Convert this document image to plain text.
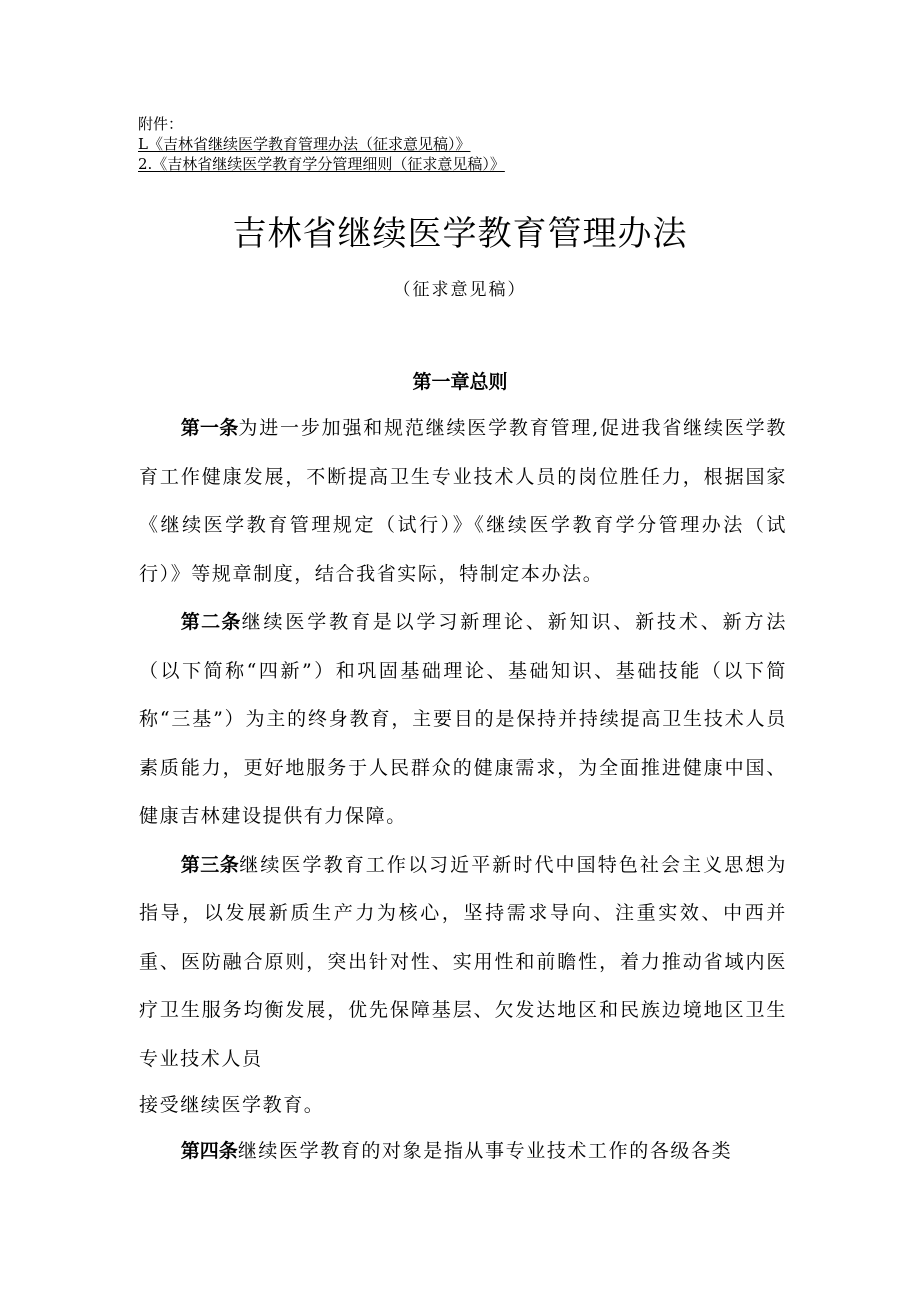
附件：
L《吉林省继续医学教育管理办法（征求意见稿）》
2.《吉林省继续医学教育学分管理细则（征求意见稿）》
吉林省继续医学教育管理办法
（征求意见稿）
第一章总则

第一条为进一步加强和规范继续医学教育管理,促进我省继续医学教育工作健康发展，不断提高卫生专业技术人员的岗位胜任力，根据国家《继续医学教育管理规定（试行）》《继续医学教育学分管理办法（试行）》等规章制度，结合我省实际，特制定本办法。

第二条继续医学教育是以学习新理论、新知识、新技术、新方法（以下简称“四新”）和巩固基础理论、基础知识、基础技能（以下简称“三基”）为主的终身教育，主要目的是保持并持续提高卫生技术人员素质能力，更好地服务于人民群众的健康需求，为全面推进健康中国、健康吉林建设提供有力保障。

第三条继续医学教育工作以习近平新时代中国特色社会主义思想为指导，以发展新质生产力为核心，坚持需求导向、注重实效、中西并重、医防融合原则，突出针对性、实用性和前瞻性，着力推动省域内医疗卫生服务均衡发展，优先保障基层、欠发达地区和民族边境地区卫生专业技术人员
接受继续医学教育。

第四条继续医学教育的对象是指从事专业技术工作的各级各类
